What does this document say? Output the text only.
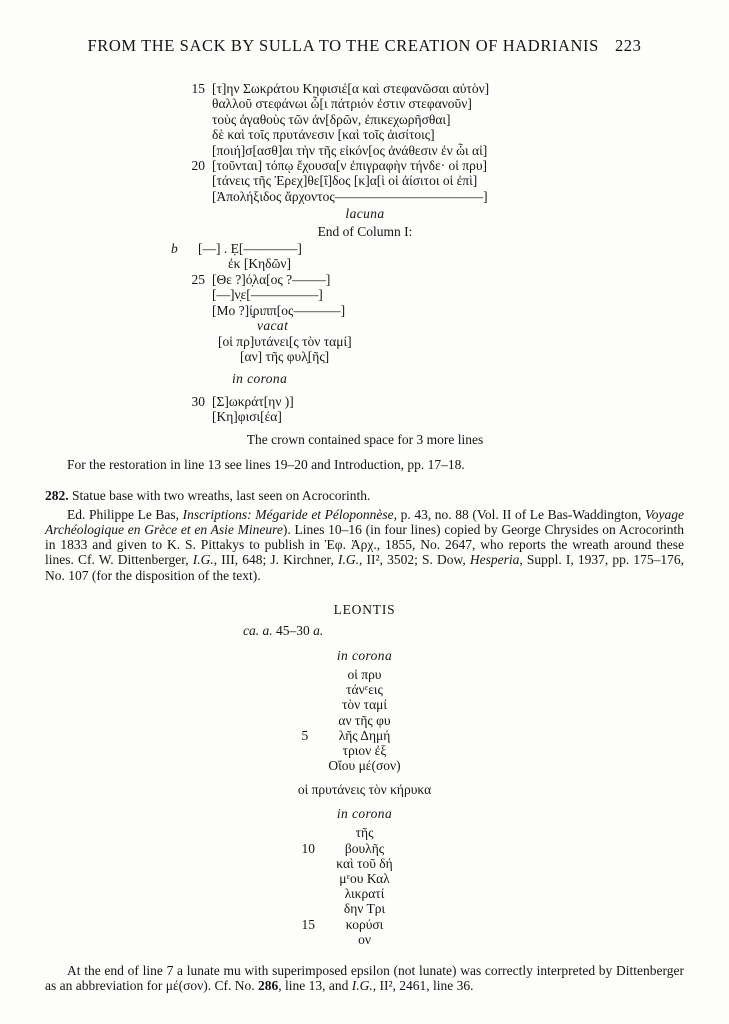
FROM THE SACK BY SULLA TO THE CREATION OF HADRIANIS 223
15 [τ]ην Σωκράτου Κηφισιέ[α καὶ στεφανῶσαι αὐτὸν]
θαλλοῦ στεφάνωι ὧ[ι πάτριόν ἐστιν στεφανοῦν]
τοὺς ἀγαθοὺς τῶν ἀν[δρῶν, ἐπικεχωρῆσθαι]
δὲ καὶ τοῖς πρυτάνεσιν [καὶ τοῖς ἀισίτοις]
[ποιή]σ[ασθ]αι τὴν τῆς εἰκόν[ος ἀνάθεσιν ἐν ὧι αἰ]
20 [τοῦνται] τόπῳ ἔχουσα[ν ἐπιγραφὴν τήνδε· οἱ πρυ]
[τάνεις τῆς Ἐρεχ]θε[ΐ]δος [κ]α[ὶ οἱ ἀίσιτοι οἱ ἐπὶ]
[Ἀπολήξιδος ἄρχοντος––––––––––––––––––––––]
lacuna
End of Column I:
b	[––] . Ẹ[––––––––]
ἐκ [Κηδῶν]
25 [Θε ?]ό̣λα[ος ?–––––]
[––]ν̣ε[––––––––––]
[Μο ?]ί̣ριππ[ος–––––––]
vacat
[οἱ πρ]υτάνει[ς τὸν ταμί]
[αν] τῆς φυλ̣[ῆς]
in corona
30 [Σ]ωκράτ[ην )]
[Κη]φισι[έα]
The crown contained space for 3 more lines

For the restoration in line 13 see lines 19–20 and Introduction, pp. 17–18.

282. Statue base with two wreaths, last seen on Acrocorinth.

Ed. Philippe Le Bas, Inscriptions: Mégaride et Péloponnèse, p. 43, no. 88 (Vol. II of Le Bas-Waddington, Voyage Archéologique en Grèce et en Asie Mineure). Lines 10–16 (in four lines) copied by George Chrysides on Acrocorinth in 1833 and given to K. S. Pittakys to publish in Ἐφ. Ἀρχ., 1855, No. 2647, who reports the wreath around these lines. Cf. W. Dittenberger, I.G., III, 648; J. Kirchner, I.G., II², 3502; S. Dow, Hesperia, Suppl. I, 1937, pp. 175–176, No. 107 (for the disposition of the text).

LEONTIS
ca. a. 45–30 a.
in corona
οἱ πρυ
τάν$^\varepsilon$εις
τὸν ταμί
αν τῆς φυ
5 λῆς Δημή
τριον ἐξ
Οἴου μέ(σον)
οἱ πρυτάνεις τὸν κήρυκα
in corona
τῆς
10 βουλῆς
καὶ τοῦ δή
$\mu^\varepsilon o\upsilon$ Καλ
λικρατί
δην Τρι
15 κορύσι
ον

At the end of line 7 a lunate mu with superimposed epsilon (not lunate) was correctly interpreted by Dittenberger as an abbreviation for μέ(σον). Cf. No. 286, line 13, and I.G., II², 2461, line 36.
